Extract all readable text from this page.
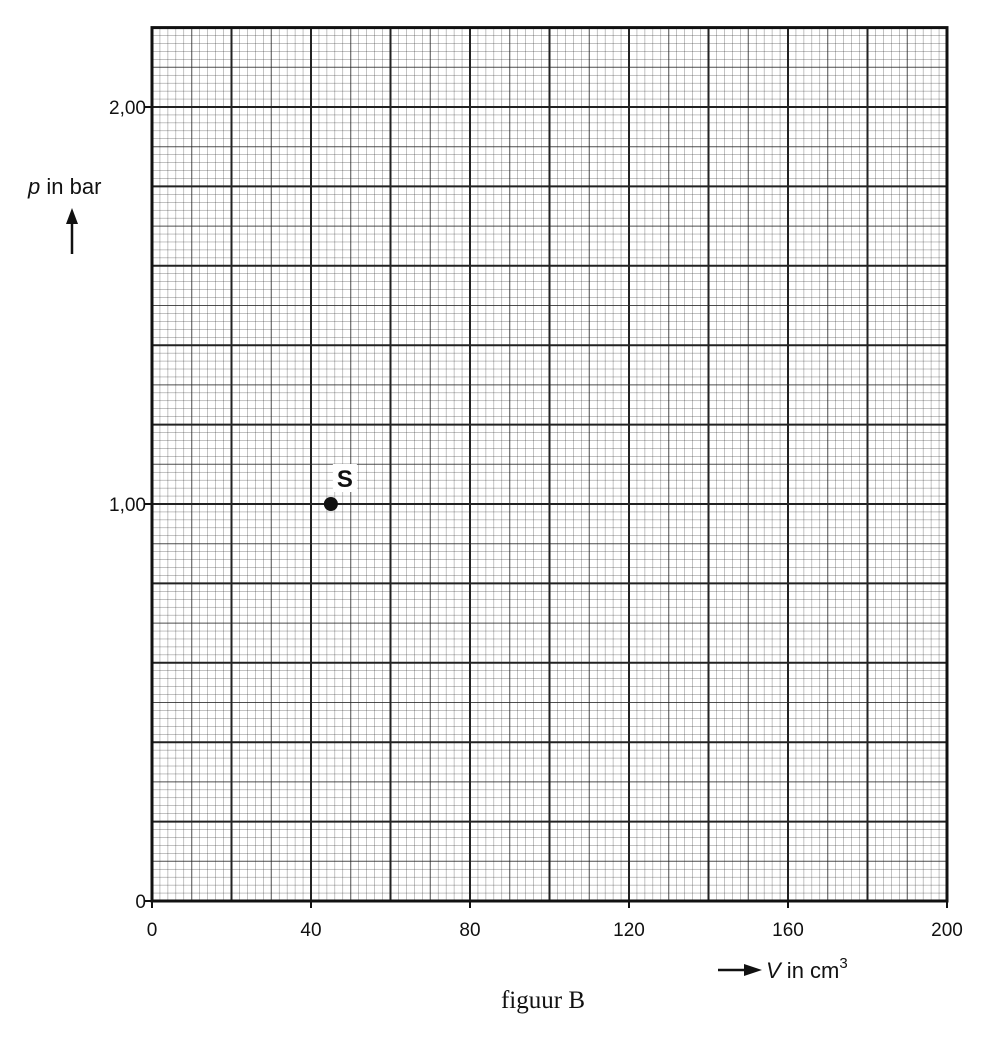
0	40	80	120	160	200
0
1,00
2,00
S
p in bar
V in $cm^3$
figuur B
